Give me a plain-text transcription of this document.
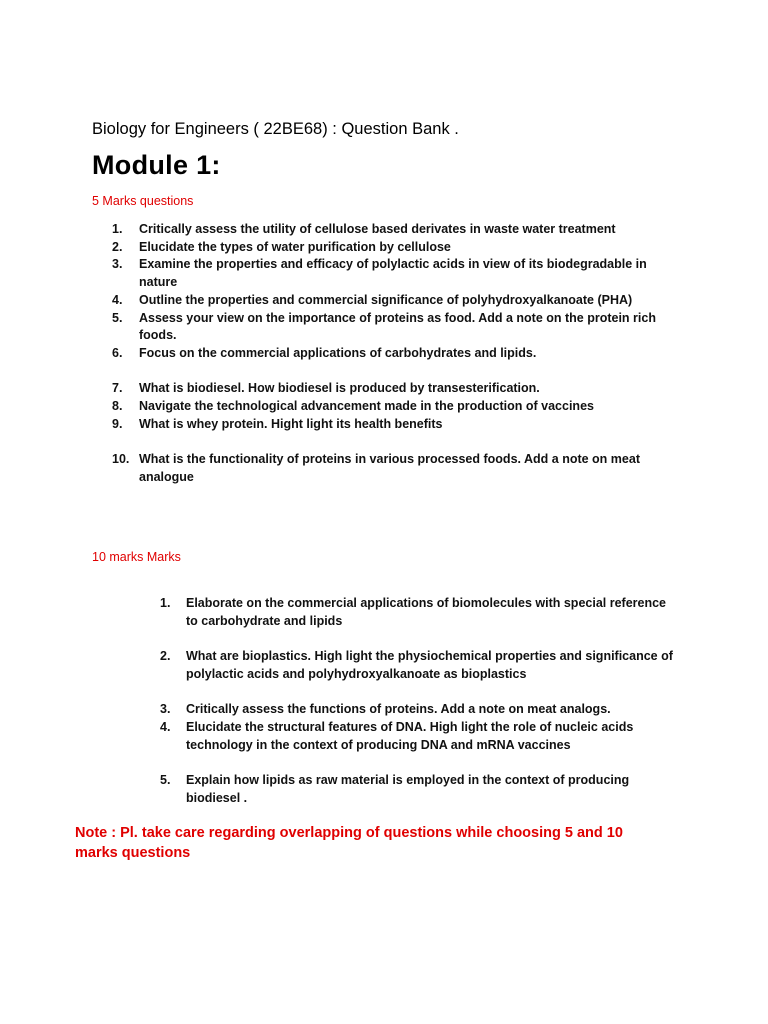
Biology for Engineers ( 22BE68) : Question Bank .
Module 1:
5 Marks questions
1. Critically assess the utility of cellulose based derivates in waste water treatment
2. Elucidate the types of water purification by cellulose
3. Examine the properties and efficacy of polylactic acids in view of its biodegradable in nature
4. Outline the properties and commercial significance of polyhydroxyalkanoate (PHA)
5. Assess your view on the importance of proteins as food. Add a note on the protein rich foods.
6. Focus on the commercial applications of carbohydrates and lipids.
7. What is biodiesel. How biodiesel is produced by transesterification.
8. Navigate the technological advancement made in the production of vaccines
9. What is whey protein. Hight light its health benefits
10. What is the functionality of proteins in various processed foods. Add a note on meat analogue
10 marks Marks
1. Elaborate on the commercial applications of biomolecules with special reference to carbohydrate and lipids
2. What are bioplastics. High light the physiochemical properties and significance of polylactic acids and polyhydroxyalkanoate as bioplastics
3. Critically assess the functions of proteins. Add a note on meat analogs.
4. Elucidate the structural features of DNA. High light the role of nucleic acids technology in the context of producing DNA and mRNA vaccines
5. Explain how lipids as raw material is employed in the context of producing biodiesel .
Note : Pl. take care regarding overlapping of questions while choosing 5 and 10 marks questions
